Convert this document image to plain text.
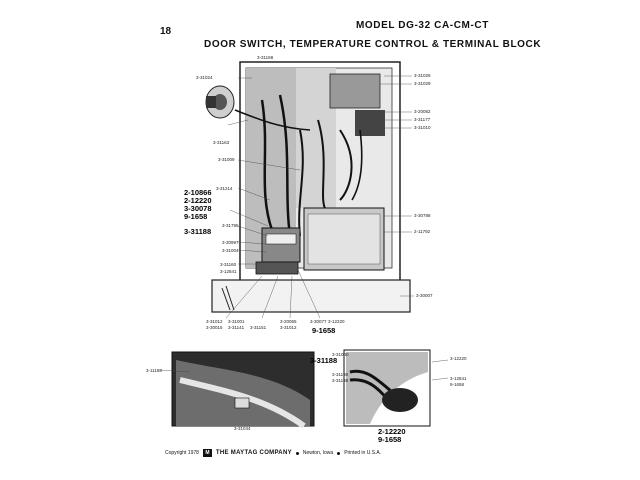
18
MODEL DG-32 CA-CM-CT
DOOR SWITCH, TEMPERATURE CONTROL & TERMINAL BLOCK
3-31168
3-31024
3-31163
3-31009
3-31214
2-10866
2-12220
3-30078
9-1658
3-31188
3-31795
3-30997
3-31004
3-31160
3-12841
3-31026
3-31029
3-20082
3-31177
3-31010
3-30788
2-11792
3-30007
3-31012
3-30015
3-31001
3-31141 3-31151
3-20065
3-31012
3-30077 3-12220
9-1658
3-11188
3-31188
2-12220
9-1658
3-31040
3-31190
3-31188
3-12220
3-12841
9-1658
3-31044
Copyright 1978	M	THE MAYTAG COMPANY Newton, Iowa Printed in U.S.A.
